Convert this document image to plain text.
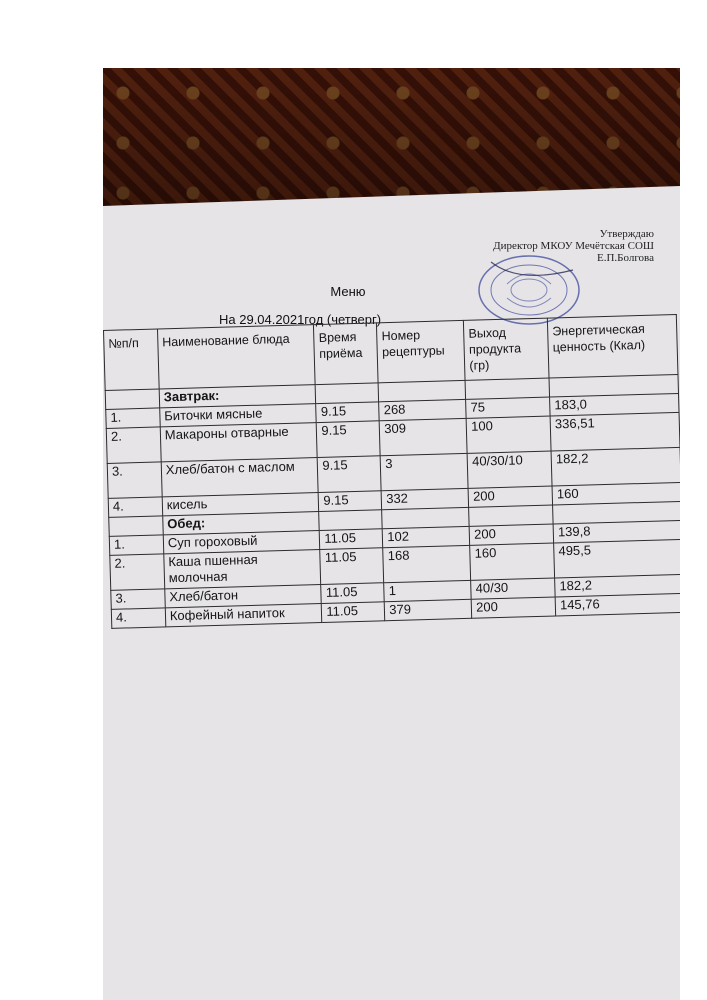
Утверждаю
Директор МКОУ Мечётская СОШ
Е.П.Болгова
Меню
На 29.04.2021год (четверг)
№п/п	Наименование блюда	Время приёма	Номер рецептуры	Выход продукта (гр)	Энергетическая ценность (Ккал)
	Завтрак:				
1.	Биточки мясные	9.15	268	75	183,0
2.	Макароны отварные	9.15	309	100	336,51
3.	Хлеб/батон с маслом	9.15	3	40/30/10	182,2
4.	кисель	9.15	332	200	160
	Обед:				
1.	Суп гороховый	11.05	102	200	139,8
2.	Каша пшенная молочная	11.05	168	160	495,5
3.	Хлеб/батон	11.05	1	40/30	182,2
4.	Кофейный напиток	11.05	379	200	145,76
